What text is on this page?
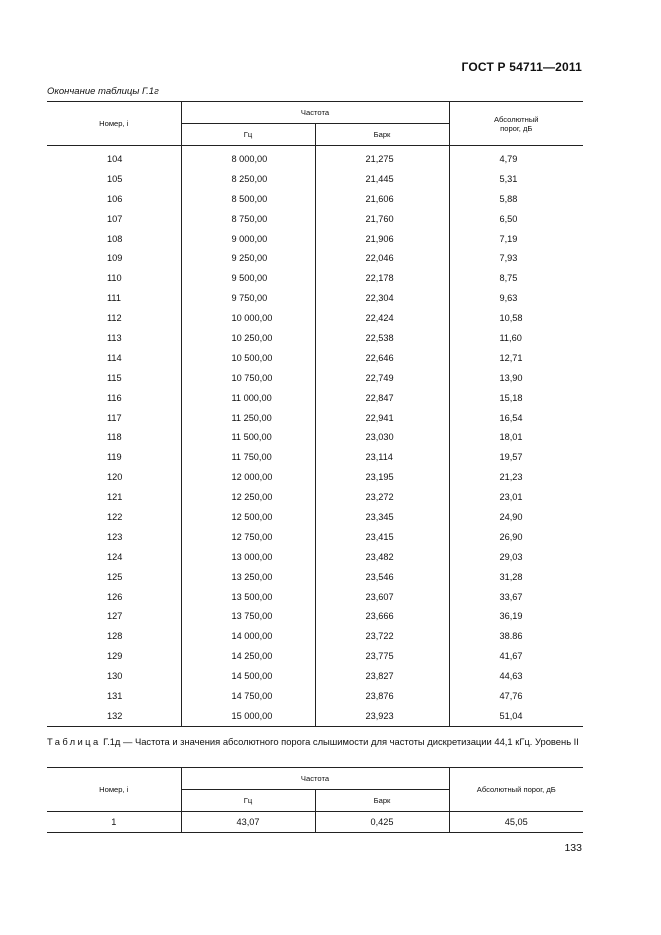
ГОСТ Р 54711—2011
Окончание таблицы Г.1г
Номер, i	Частота		Абсолютный
порог, дБ
	Гц	Барк	
104	8 000,00	21,275	4,79
105	8 250,00	21,445	5,31
106	8 500,00	21,606	5,88
107	8 750,00	21,760	6,50
108	9 000,00	21,906	7,19
109	9 250,00	22,046	7,93
110	9 500,00	22,178	8,75
111	9 750,00	22,304	9,63
112	10 000,00	22,424	10,58
113	10 250,00	22,538	11,60
114	10 500,00	22,646	12,71
115	10 750,00	22,749	13,90
116	11 000,00	22,847	15,18
117	11 250,00	22,941	16,54
118	11 500,00	23,030	18,01
119	11 750,00	23,114	19,57
120	12 000,00	23,195	21,23
121	12 250,00	23,272	23,01
122	12 500,00	23,345	24,90
123	12 750,00	23,415	26,90
124	13 000,00	23,482	29,03
125	13 250,00	23,546	31,28
126	13 500,00	23,607	33,67
127	13 750,00	23,666	36,19
128	14 000,00	23,722	38.86
129	14 250,00	23,775	41,67
130	14 500,00	23,827	44,63
131	14 750,00	23,876	47,76
132	15 000,00	23,923	51,04
Таблица Г.1д — Частота и значения абсолютного порога слышимости для частоты дискретизации 44,1 кГц. Уровень II
Номер, i	Частота		Абсолютный порог, дБ
	Гц	Барк	
1	43,07	0,425	45,05
133
